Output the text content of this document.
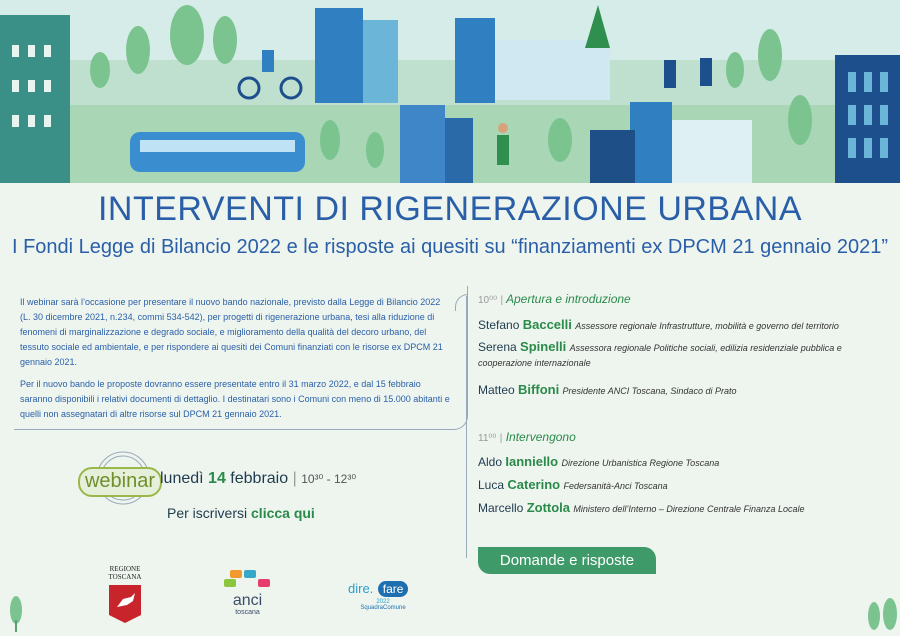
INTERVENTI DI RIGENERAZIONE URBANA
I Fondi Legge di Bilancio 2022 e le risposte ai quesiti su “finanziamenti ex DPCM 21 gennaio 2021”

Il webinar sarà l’occasione per presentare il nuovo bando nazionale, previsto dalla Legge di Bilancio 2022 (L. 30 dicembre 2021, n.234, commi 534-542), per progetti di rigenerazione urbana, tesi alla riduzione di fenomeni di marginalizzazione e degrado sociale, e miglioramento della qualità del decoro urbano, del tessuto sociale ed ambientale, e per rispondere ai quesiti dei Comuni finanziati con le risorse ex DPCM 21 gennaio 2021.

Per il nuovo bando le proposte dovranno essere presentate entro il 31 marzo 2022, e dal 15 febbraio saranno disponibili i relativi documenti di dettaglio. I destinatari sono i Comuni con meno di 15.000 abitanti e quelli non assegnatari di altre risorse sul DPCM 21 gennaio 2021.

webinar lunedì 14 febbraio | 10³⁰ - 12³⁰
Per iscriversi clicca qui
10⁰⁰ | Apertura e introduzione
Stefano Baccelli Assessore regionale Infrastrutture, mobilità e governo del territorio
Serena Spinelli Assessora regionale Politiche sociali, edilizia residenziale pubblica e cooperazione internazionale
Matteo Biffoni Presidente ANCI Toscana, Sindaco di Prato
11⁰⁰ | Intervengono
Aldo Ianniello Direzione Urbanistica Regione Toscana
Luca Caterino Federsanità-Anci Toscana
Marcello Zottola Ministero dell’Interno – Direzione Centrale Finanza Locale
Domande e risposte
REGIONE
TOSCANA
anci
toscana
dire. fare
2022
SquadraComune
